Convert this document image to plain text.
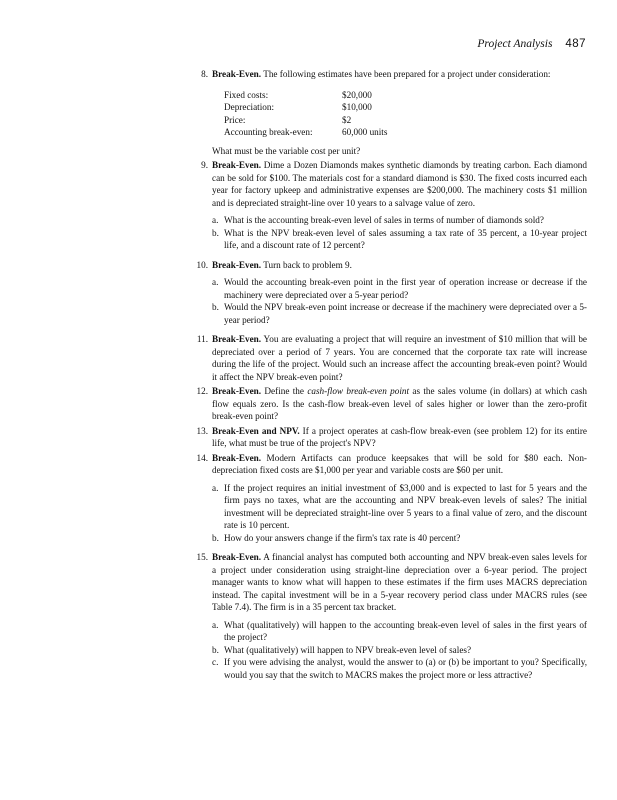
Project Analysis 487
8. Break-Even. The following estimates have been prepared for a project under consideration:
Fixed costs:	$20,000
Depreciation:	$10,000
Price:	$2
Accounting break-even:	60,000 units
What must be the variable cost per unit?
9. Break-Even. Dime a Dozen Diamonds makes synthetic diamonds by treating carbon. Each diamond can be sold for $100. The materials cost for a standard diamond is $30. The fixed costs incurred each year for factory upkeep and administrative expenses are $200,000. The machinery costs $1 million and is depreciated straight-line over 10 years to a salvage value of zero.
a. What is the accounting break-even level of sales in terms of number of diamonds sold?
b. What is the NPV break-even level of sales assuming a tax rate of 35 percent, a 10-year project life, and a discount rate of 12 percent?
10. Break-Even. Turn back to problem 9.
a. Would the accounting break-even point in the first year of operation increase or decrease if the machinery were depreciated over a 5-year period?
b. Would the NPV break-even point increase or decrease if the machinery were depreciated over a 5-year period?
11. Break-Even. You are evaluating a project that will require an investment of $10 million that will be depreciated over a period of 7 years. You are concerned that the corporate tax rate will increase during the life of the project. Would such an increase affect the accounting break-even point? Would it affect the NPV break-even point?
12. Break-Even. Define the cash-flow break-even point as the sales volume (in dollars) at which cash flow equals zero. Is the cash-flow break-even level of sales higher or lower than the zero-profit break-even point?
13. Break-Even and NPV. If a project operates at cash-flow break-even (see problem 12) for its entire life, what must be true of the project's NPV?
14. Break-Even. Modern Artifacts can produce keepsakes that will be sold for $80 each. Non-depreciation fixed costs are $1,000 per year and variable costs are $60 per unit.
a. If the project requires an initial investment of $3,000 and is expected to last for 5 years and the firm pays no taxes, what are the accounting and NPV break-even levels of sales? The initial investment will be depreciated straight-line over 5 years to a final value of zero, and the discount rate is 10 percent.
b. How do your answers change if the firm's tax rate is 40 percent?
15. Break-Even. A financial analyst has computed both accounting and NPV break-even sales levels for a project under consideration using straight-line depreciation over a 6-year period. The project manager wants to know what will happen to these estimates if the firm uses MACRS depreciation instead. The capital investment will be in a 5-year recovery period class under MACRS rules (see Table 7.4). The firm is in a 35 percent tax bracket.
a. What (qualitatively) will happen to the accounting break-even level of sales in the first years of the project?
b. What (qualitatively) will happen to NPV break-even level of sales?
c. If you were advising the analyst, would the answer to (a) or (b) be important to you? Specifically, would you say that the switch to MACRS makes the project more or less attractive?
